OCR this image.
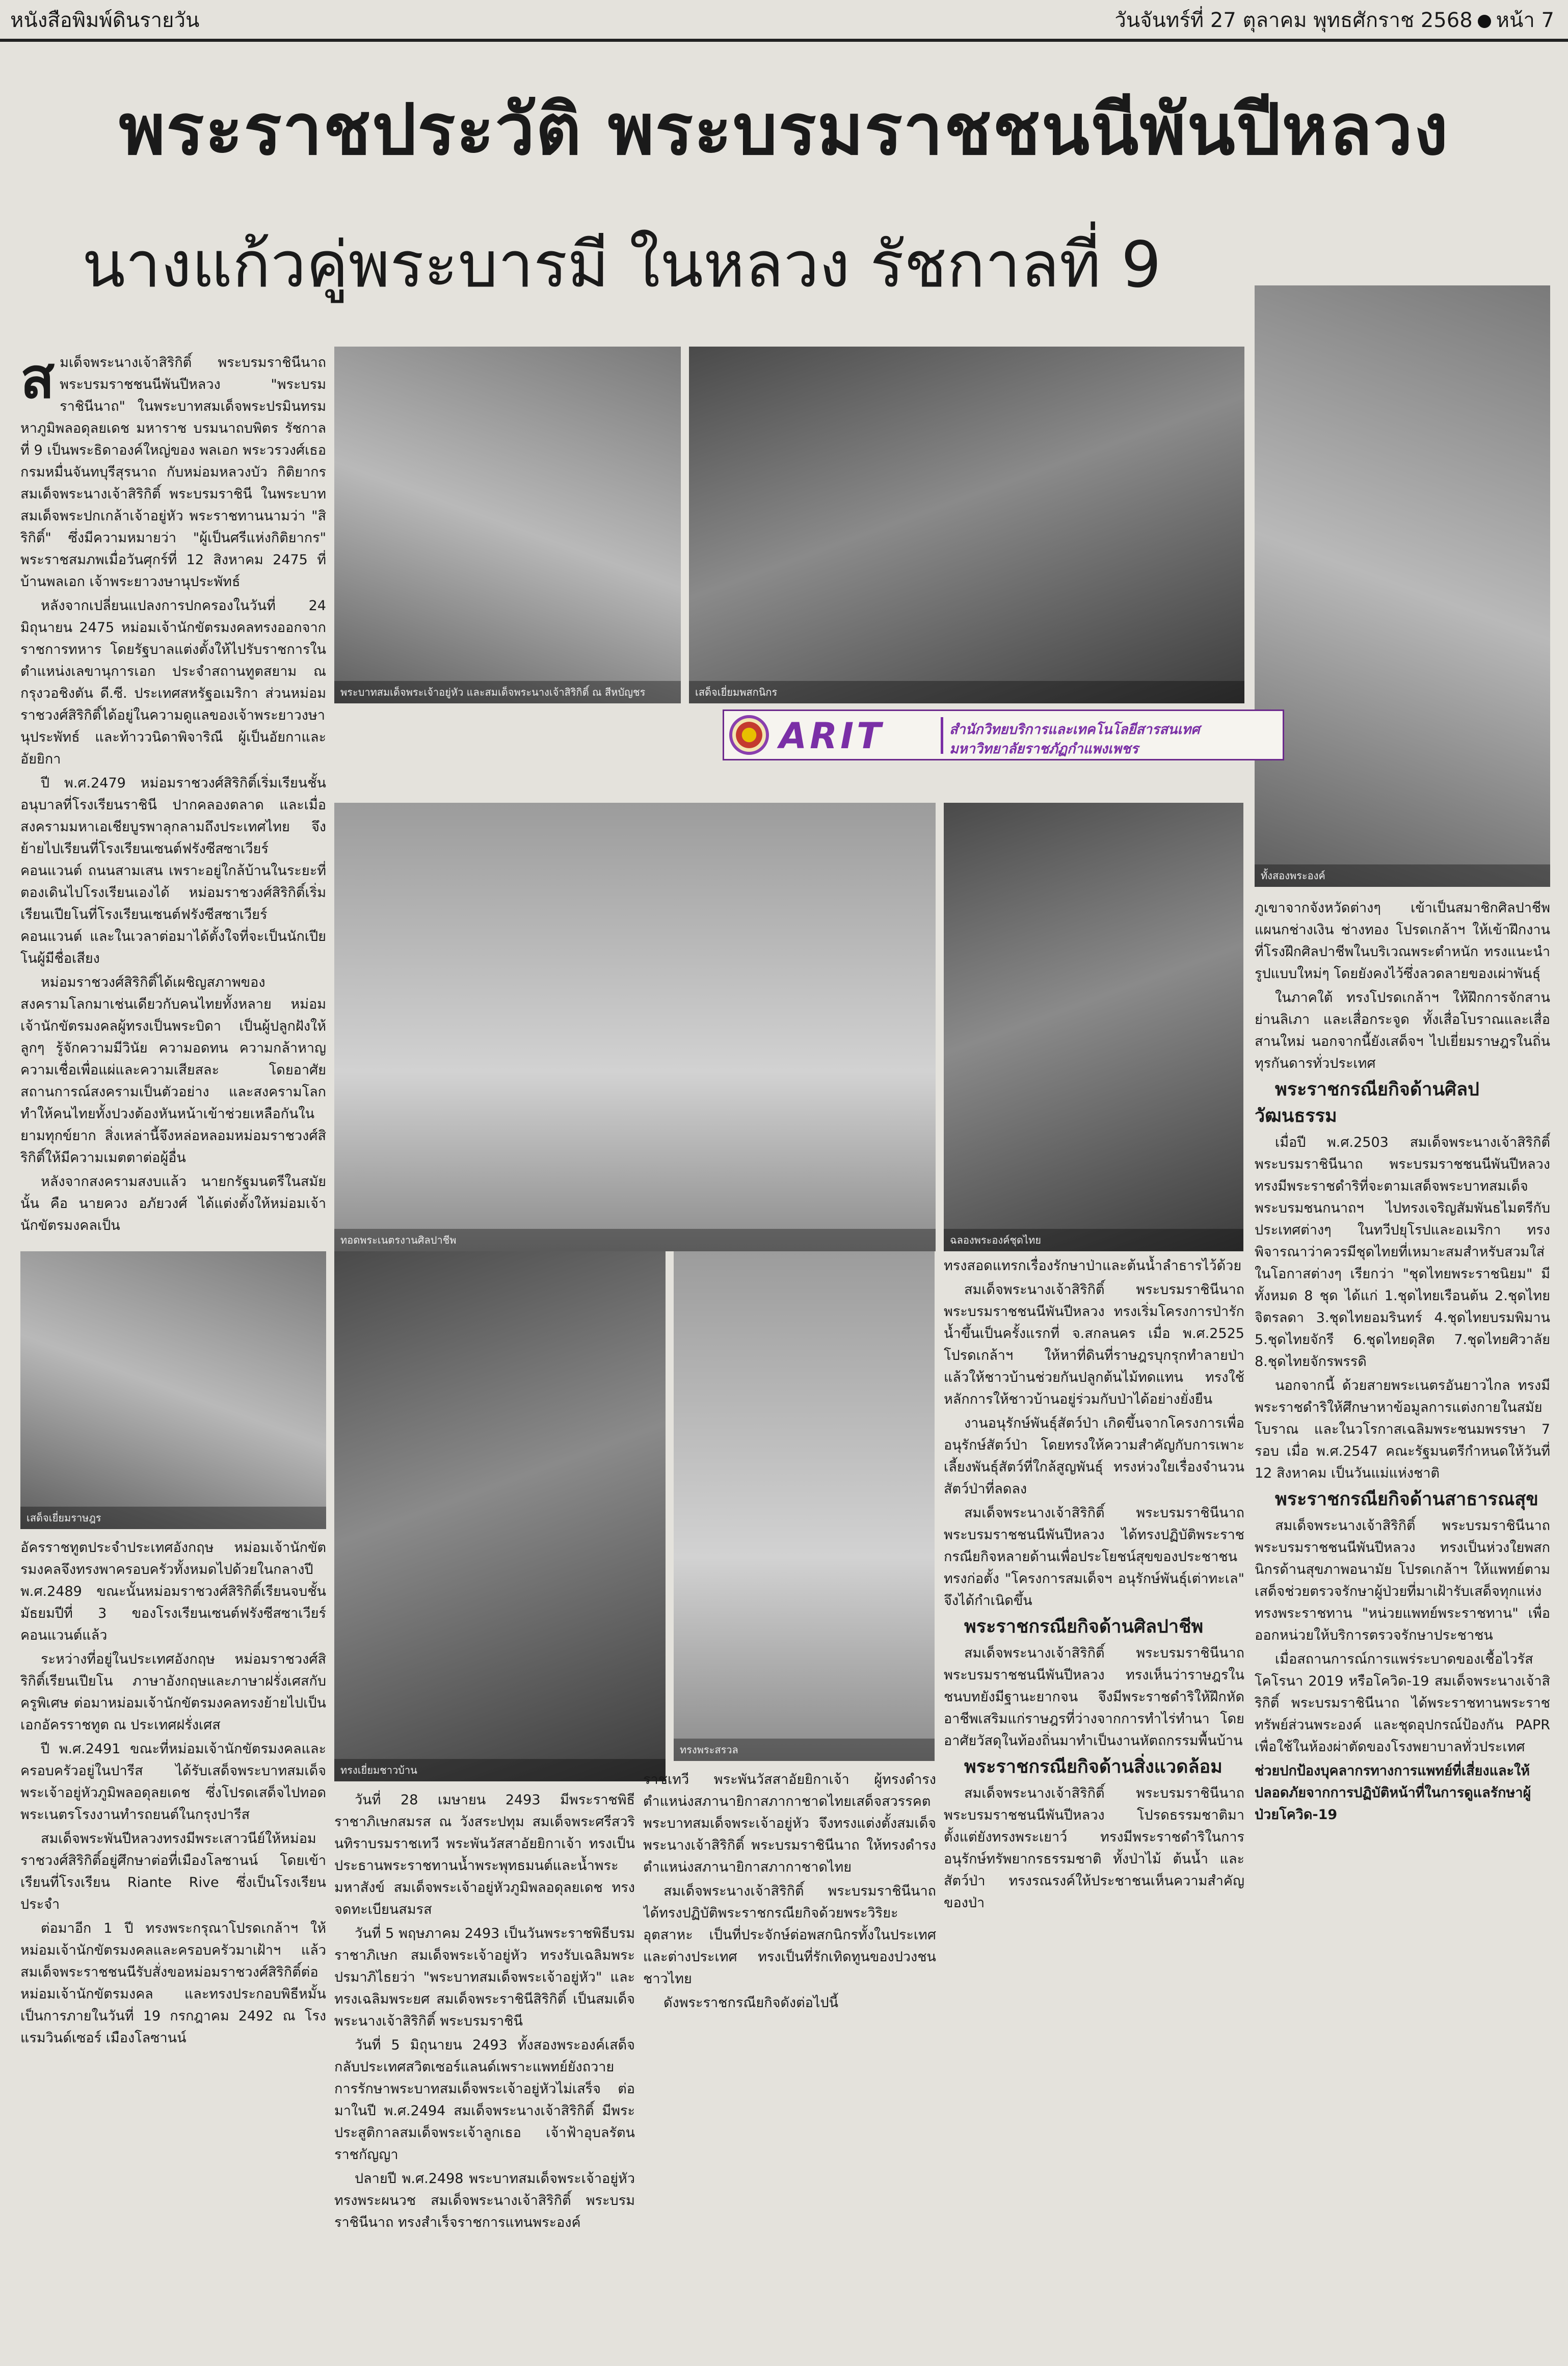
หนังสือพิมพ์ดินรายวัน	วันจันทร์ที่ 27 ตุลาคม พุทธศักราช 2568 หน้า 7
พระราชประวัติ พระบรมราชชนนีพันปีหลวง
นางแก้วคู่พระบารมี ในหลวง รัชกาลที่ 9

สมเด็จพระนางเจ้าสิริกิติ์ พระบรมราชินีนาถ พระบรมราชชนนีพันปีหลวง "พระบรมราชินีนาถ" ในพระบาทสมเด็จพระปรมินทรมหาภูมิพลอดุลยเดช มหาราช บรมนาถบพิตร รัชกาลที่ 9 เป็นพระธิดาองค์ใหญ่ของ พลเอก พระวรวงศ์เธอ กรมหมื่นจันทบุรีสุรนาถ กับหม่อมหลวงบัว กิติยากร สมเด็จพระนางเจ้าสิริกิติ์ พระบรมราชินี ในพระบาทสมเด็จพระปกเกล้าเจ้าอยู่หัว พระราชทานนามว่า "สิริกิติ์" ซึ่งมีความหมายว่า "ผู้เป็นศรีแห่งกิติยากร" พระราชสมภพเมื่อวันศุกร์ที่ 12 สิงหาคม 2475 ที่บ้านพลเอก เจ้าพระยาวงษานุประพัทธ์

หลังจากเปลี่ยนแปลงการปกครองในวันที่ 24 มิถุนายน 2475 หม่อมเจ้านักขัตรมงคลทรงออกจากราชการทหาร โดยรัฐบาลแต่งตั้งให้ไปรับราชการในตำแหน่งเลขานุการเอก ประจำสถานทูตสยาม ณ กรุงวอชิงตัน ดี.ซี. ประเทศสหรัฐอเมริกา ส่วนหม่อมราชวงศ์สิริกิติ์ได้อยู่ในความดูแลของเจ้าพระยาวงษานุประพัทธ์ และท้าววนิดาพิจาริณี ผู้เป็นอัยกาและอัยยิกา

ปี พ.ศ.2479 หม่อมราชวงศ์สิริกิติ์เริ่มเรียนชั้นอนุบาลที่โรงเรียนราชินี ปากคลองตลาด และเมื่อสงครามมหาเอเชียบูรพาลุกลามถึงประเทศไทย จึงย้ายไปเรียนที่โรงเรียนเซนต์ฟรังซีสซาเวียร์คอนแวนต์ ถนนสามเสน เพราะอยู่ใกล้บ้านในระยะที่ตองเดินไปโรงเรียนเองได้ หม่อมราชวงศ์สิริกิติ์เริ่มเรียนเปียโนที่โรงเรียนเซนต์ฟรังซีสซาเวียร์คอนแวนต์ และในเวลาต่อมาได้ตั้งใจที่จะเป็นนักเปียโนผู้มีชื่อเสียง

หม่อมราชวงศ์สิริกิติ์ได้เผชิญสภาพของสงครามโลกมาเช่นเดียวกับคนไทยทั้งหลาย หม่อมเจ้านักขัตรมงคลผู้ทรงเป็นพระบิดา เป็นผู้ปลูกฝังให้ลูกๆ รู้จักความมีวินัย ความอดทน ความกล้าหาญ ความเชื่อเพื่อแผ่และความเสียสละ โดยอาศัยสถานการณ์สงครามเป็นตัวอย่าง และสงครามโลกทำให้คนไทยทั้งปวงต้องหันหน้าเข้าช่วยเหลือกันในยามทุกข์ยาก สิ่งเหล่านี้จึงหล่อหลอมหม่อมราชวงศ์สิริกิติ์ให้มีความเมตตาต่อผู้อื่น

หลังจากสงครามสงบแล้ว นายกรัฐมนตรีในสมัยนั้น คือ นายควง อภัยวงศ์ ได้แต่งตั้งให้หม่อมเจ้านักขัตรมงคลเป็น

พระบาทสมเด็จพระเจ้าอยู่หัว และสมเด็จพระนางเจ้าสิริกิติ์ ณ สีหบัญชร	เสด็จเยี่ยมพสกนิกร
ทั้งสองพระองค์
ARIT	สำนักวิทยบริการและเทคโนโลยีสารสนเทศ
มหาวิทยาลัยราชภัฏกำแพงเพชร
ทอดพระเนตรงานศิลปาชีพ	ฉลองพระองค์ชุดไทย

ภูเขาจากจังหวัดต่างๆ เข้าเป็นสมาชิกศิลปาชีพแผนกช่างเงิน ช่างทอง โปรดเกล้าฯ ให้เข้าฝึกงานที่โรงฝึกศิลปาชีพในบริเวณพระตำหนัก ทรงแนะนำรูปแบบใหม่ๆ โดยยังคงไว้ซึ่งลวดลายของเผ่าพันธุ์

ในภาคใต้ ทรงโปรดเกล้าฯ ให้ฝึกการจักสานย่านลิเภา และเสื่อกระจูด ทั้งเสื่อโบราณและเสื่อสานใหม่ นอกจากนี้ยังเสด็จฯ ไปเยี่ยมราษฎรในถิ่นทุรกันดารทั่วประเทศ

พระราชกรณียกิจด้านศิลปวัฒนธรรม

เมื่อปี พ.ศ.2503 สมเด็จพระนางเจ้าสิริกิติ์ พระบรมราชินีนาถ พระบรมราชชนนีพันปีหลวง ทรงมีพระราชดำริที่จะตามเสด็จพระบาทสมเด็จพระบรมชนกนาถฯ ไปทรงเจริญสัมพันธไมตรีกับประเทศต่างๆ ในทวีปยุโรปและอเมริกา ทรงพิจารณาว่าควรมีชุดไทยที่เหมาะสมสำหรับสวมใส่ในโอกาสต่างๆ เรียกว่า "ชุดไทยพระราชนิยม" มีทั้งหมด 8 ชุด ได้แก่ 1.ชุดไทยเรือนต้น 2.ชุดไทยจิตรลดา 3.ชุดไทยอมรินทร์ 4.ชุดไทยบรมพิมาน 5.ชุดไทยจักรี 6.ชุดไทยดุสิต 7.ชุดไทยศิวาลัย 8.ชุดไทยจักรพรรดิ

นอกจากนี้ ด้วยสายพระเนตรอันยาวไกล ทรงมีพระราชดำริให้ศึกษาหาข้อมูลการแต่งกายในสมัยโบราณ และในวโรกาสเฉลิมพระชนมพรรษา 7 รอบ เมื่อ พ.ศ.2547 คณะรัฐมนตรีกำหนดให้วันที่ 12 สิงหาคม เป็นวันแม่แห่งชาติ

พระราชกรณียกิจด้านสาธารณสุข

สมเด็จพระนางเจ้าสิริกิติ์ พระบรมราชินีนาถ พระบรมราชชนนีพันปีหลวง ทรงเป็นห่วงใยพสกนิกรด้านสุขภาพอนามัย โปรดเกล้าฯ ให้แพทย์ตามเสด็จช่วยตรวจรักษาผู้ป่วยที่มาเฝ้ารับเสด็จทุกแห่ง ทรงพระราชทาน "หน่วยแพทย์พระราชทาน" เพื่อออกหน่วยให้บริการตรวจรักษาประชาชน

เมื่อสถานการณ์การแพร่ระบาดของเชื้อไวรัสโคโรนา 2019 หรือโควิด-19 สมเด็จพระนางเจ้าสิริกิติ์ พระบรมราชินีนาถ ได้พระราชทานพระราชทรัพย์ส่วนพระองค์ และชุดอุปกรณ์ป้องกัน PAPR เพื่อใช้ในห้องผ่าตัดของโรงพยาบาลทั่วประเทศ

ช่วยปกป้องบุคลากรทางการแพทย์ที่เสี่ยงและให้ปลอดภัยจากการปฏิบัติหน้าที่ในการดูแลรักษาผู้ป่วยโควิด-19

เสด็จเยี่ยมราษฎร
ทรงเยี่ยมชาวบ้าน
ทรงพระสรวล

ทรงสอดแทรกเรื่องรักษาป่าและต้นน้ำลำธารไว้ด้วย

สมเด็จพระนางเจ้าสิริกิติ์ พระบรมราชินีนาถ พระบรมราชชนนีพันปีหลวง ทรงเริ่มโครงการป่ารักน้ำขึ้นเป็นครั้งแรกที่ จ.สกลนคร เมื่อ พ.ศ.2525 โปรดเกล้าฯ ให้หาที่ดินที่ราษฎรบุกรุกทำลายป่า แล้วให้ชาวบ้านช่วยกันปลูกต้นไม้ทดแทน ทรงใช้หลักการให้ชาวบ้านอยู่ร่วมกับป่าได้อย่างยั่งยืน

งานอนุรักษ์พันธุ์สัตว์ป่า เกิดขึ้นจากโครงการเพื่ออนุรักษ์สัตว์ป่า โดยทรงให้ความสำคัญกับการเพาะเลี้ยงพันธุ์สัตว์ที่ใกล้สูญพันธุ์ ทรงห่วงใยเรื่องจำนวนสัตว์ป่าที่ลดลง

สมเด็จพระนางเจ้าสิริกิติ์ พระบรมราชินีนาถ พระบรมราชชนนีพันปีหลวง ได้ทรงปฏิบัติพระราชกรณียกิจหลายด้านเพื่อประโยชน์สุขของประชาชน ทรงก่อตั้ง "โครงการสมเด็จฯ อนุรักษ์พันธุ์เต่าทะเล" จึงได้กำเนิดขึ้น

พระราชกรณียกิจด้านศิลปาชีพ

สมเด็จพระนางเจ้าสิริกิติ์ พระบรมราชินีนาถ พระบรมราชชนนีพันปีหลวง ทรงเห็นว่าราษฎรในชนบทยังมีฐานะยากจน จึงมีพระราชดำริให้ฝึกหัดอาชีพเสริมแก่ราษฎรที่ว่างจากการทำไร่ทำนา โดยอาศัยวัสดุในท้องถิ่นมาทำเป็นงานหัตถกรรมพื้นบ้าน

พระราชกรณียกิจด้านสิ่งแวดล้อม

สมเด็จพระนางเจ้าสิริกิติ์ พระบรมราชินีนาถ พระบรมราชชนนีพันปีหลวง โปรดธรรมชาติมาตั้งแต่ยังทรงพระเยาว์ ทรงมีพระราชดำริในการอนุรักษ์ทรัพยากรธรรมชาติ ทั้งป่าไม้ ต้นน้ำ และสัตว์ป่า ทรงรณรงค์ให้ประชาชนเห็นความสำคัญของป่า

อัครราชทูตประจำประเทศอังกฤษ หม่อมเจ้านักขัตรมงคลจึงทรงพาครอบครัวทั้งหมดไปด้วยในกลางปี พ.ศ.2489 ขณะนั้นหม่อมราชวงศ์สิริกิติ์เรียนจบชั้นมัธยมปีที่ 3 ของโรงเรียนเซนต์ฟรังซีสซาเวียร์คอนแวนต์แล้ว

ระหว่างที่อยู่ในประเทศอังกฤษ หม่อมราชวงศ์สิริกิติ์เรียนเปียโน ภาษาอังกฤษและภาษาฝรั่งเศสกับครูพิเศษ ต่อมาหม่อมเจ้านักขัตรมงคลทรงย้ายไปเป็นเอกอัครราชทูต ณ ประเทศฝรั่งเศส

ปี พ.ศ.2491 ขณะที่หม่อมเจ้านักขัตรมงคลและครอบครัวอยู่ในปารีส ได้รับเสด็จพระบาทสมเด็จพระเจ้าอยู่หัวภูมิพลอดุลยเดช ซึ่งโปรดเสด็จไปทอดพระเนตรโรงงานทำรถยนต์ในกรุงปารีส

สมเด็จพระพันปีหลวงทรงมีพระเสาวนีย์ให้หม่อมราชวงศ์สิริกิติ์อยู่ศึกษาต่อที่เมืองโลซานน์ โดยเข้าเรียนที่โรงเรียน Riante Rive ซึ่งเป็นโรงเรียนประจำ

ต่อมาอีก 1 ปี ทรงพระกรุณาโปรดเกล้าฯ ให้หม่อมเจ้านักขัตรมงคลและครอบครัวมาเฝ้าฯ แล้วสมเด็จพระราชชนนีรับสั่งขอหม่อมราชวงศ์สิริกิติ์ต่อหม่อมเจ้านักขัตรมงคล และทรงประกอบพิธีหมั้นเป็นการภายในวันที่ 19 กรกฎาคม 2492 ณ โรงแรมวินด์เซอร์ เมืองโลซานน์

วันที่ 28 เมษายน 2493 มีพระราชพิธีราชาภิเษกสมรส ณ วังสระปทุม สมเด็จพระศรีสวรินทิราบรมราชเทวี พระพันวัสสาอัยยิกาเจ้า ทรงเป็นประธานพระราชทานน้ำพระพุทธมนต์และน้ำพระมหาสังข์ สมเด็จพระเจ้าอยู่หัวภูมิพลอดุลยเดช ทรงจดทะเบียนสมรส

วันที่ 5 พฤษภาคม 2493 เป็นวันพระราชพิธีบรมราชาภิเษก สมเด็จพระเจ้าอยู่หัว ทรงรับเฉลิมพระปรมาภิไธยว่า "พระบาทสมเด็จพระเจ้าอยู่หัว" และทรงเฉลิมพระยศ สมเด็จพระราชินีสิริกิติ์ เป็นสมเด็จพระนางเจ้าสิริกิติ์ พระบรมราชินี

วันที่ 5 มิถุนายน 2493 ทั้งสองพระองค์เสด็จกลับประเทศสวิตเซอร์แลนด์เพราะแพทย์ยังถวายการรักษาพระบาทสมเด็จพระเจ้าอยู่หัวไม่เสร็จ ต่อมาในปี พ.ศ.2494 สมเด็จพระนางเจ้าสิริกิติ์ มีพระประสูติกาลสมเด็จพระเจ้าลูกเธอ เจ้าฟ้าอุบลรัตนราชกัญญา

ปลายปี พ.ศ.2498 พระบาทสมเด็จพระเจ้าอยู่หัวทรงพระผนวช สมเด็จพระนางเจ้าสิริกิติ์ พระบรมราชินีนาถ ทรงสำเร็จราชการแทนพระองค์

ราชเทวี พระพันวัสสาอัยยิกาเจ้า ผู้ทรงดำรงตำแหน่งสภานายิกาสภากาชาดไทยเสด็จสวรรคต พระบาทสมเด็จพระเจ้าอยู่หัว จึงทรงแต่งตั้งสมเด็จพระนางเจ้าสิริกิติ์ พระบรมราชินีนาถ ให้ทรงดำรงตำแหน่งสภานายิกาสภากาชาดไทย

สมเด็จพระนางเจ้าสิริกิติ์ พระบรมราชินีนาถ ได้ทรงปฏิบัติพระราชกรณียกิจด้วยพระวิริยะอุตสาหะ เป็นที่ประจักษ์ต่อพสกนิกรทั้งในประเทศและต่างประเทศ ทรงเป็นที่รักเทิดทูนของปวงชนชาวไทย

ดังพระราชกรณียกิจดังต่อไปนี้
